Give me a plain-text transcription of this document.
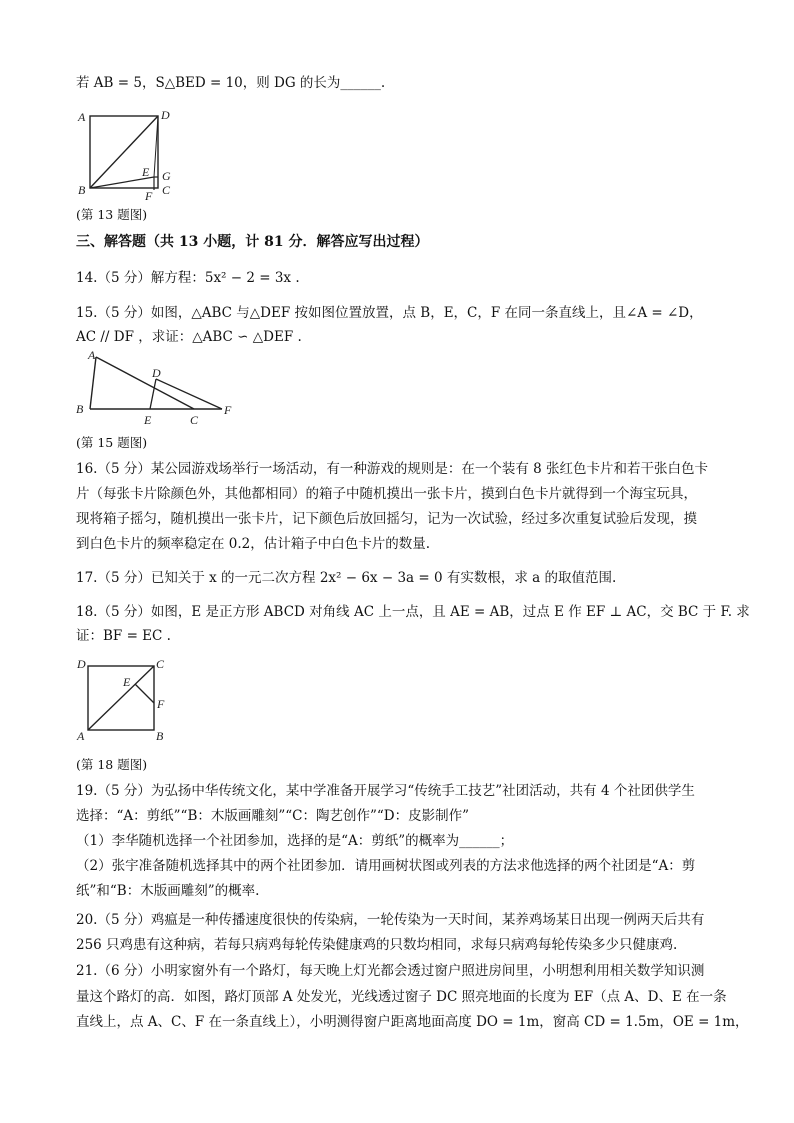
若 AB = 5，S△BED = 10，则 DG 的长为______.
A	D
E G
B	F C
(第 13 题图)
三、解答题（共 13 小题，计 81 分．解答应写出过程）
14.（5 分）解方程：5x² − 2 = 3x .
15.（5 分）如图，△ABC 与△DEF 按如图位置放置，点 B，E，C，F 在同一条直线上，且∠A = ∠D，
AC // DF ，求证：△ABC ∽ △DEF .
A
D
B
E	C
F
(第 15 题图)
16.（5 分）某公园游戏场举行一场活动，有一种游戏的规则是：在一个装有 8 张红色卡片和若干张白色卡
片（每张卡片除颜色外，其他都相同）的箱子中随机摸出一张卡片，摸到白色卡片就得到一个海宝玩具，
现将箱子摇匀，随机摸出一张卡片，记下颜色后放回摇匀，记为一次试验，经过多次重复试验后发现，摸
到白色卡片的频率稳定在 0.2，估计箱子中白色卡片的数量.
17.（5 分）已知关于 x 的一元二次方程 2x² − 6x − 3a = 0 有实数根，求 a 的取值范围.
18.（5 分）如图，E 是正方形 ABCD 对角线 AC 上一点，且 AE = AB，过点 E 作 EF ⊥ AC，交 BC 于 F. 求
证：BF = EC .
D	C
E
F
A	B
(第 18 题图)
19.（5 分）为弘扬中华传统文化，某中学准备开展学习“传统手工技艺”社团活动，共有 4 个社团供学生
选择：“A：剪纸”“B：木版画雕刻”“C：陶艺创作”“D：皮影制作”
（1）李华随机选择一个社团参加，选择的是“A：剪纸”的概率为______；
（2）张宇准备随机选择其中的两个社团参加．请用画树状图或列表的方法求他选择的两个社团是“A：剪
纸”和“B：木版画雕刻”的概率.
20.（5 分）鸡瘟是一种传播速度很快的传染病，一轮传染为一天时间，某养鸡场某日出现一例两天后共有
256 只鸡患有这种病，若每只病鸡每轮传染健康鸡的只数均相同，求每只病鸡每轮传染多少只健康鸡.
21.（6 分）小明家窗外有一个路灯，每天晚上灯光都会透过窗户照进房间里，小明想利用相关数学知识测
量这个路灯的高．如图，路灯顶部 A 处发光，光线透过窗子 DC 照亮地面的长度为 EF（点 A、D、E 在一条
直线上，点 A、C、F 在一条直线上），小明测得窗户距离地面高度 DO = 1m，窗高 CD = 1.5m，OE = 1m，
